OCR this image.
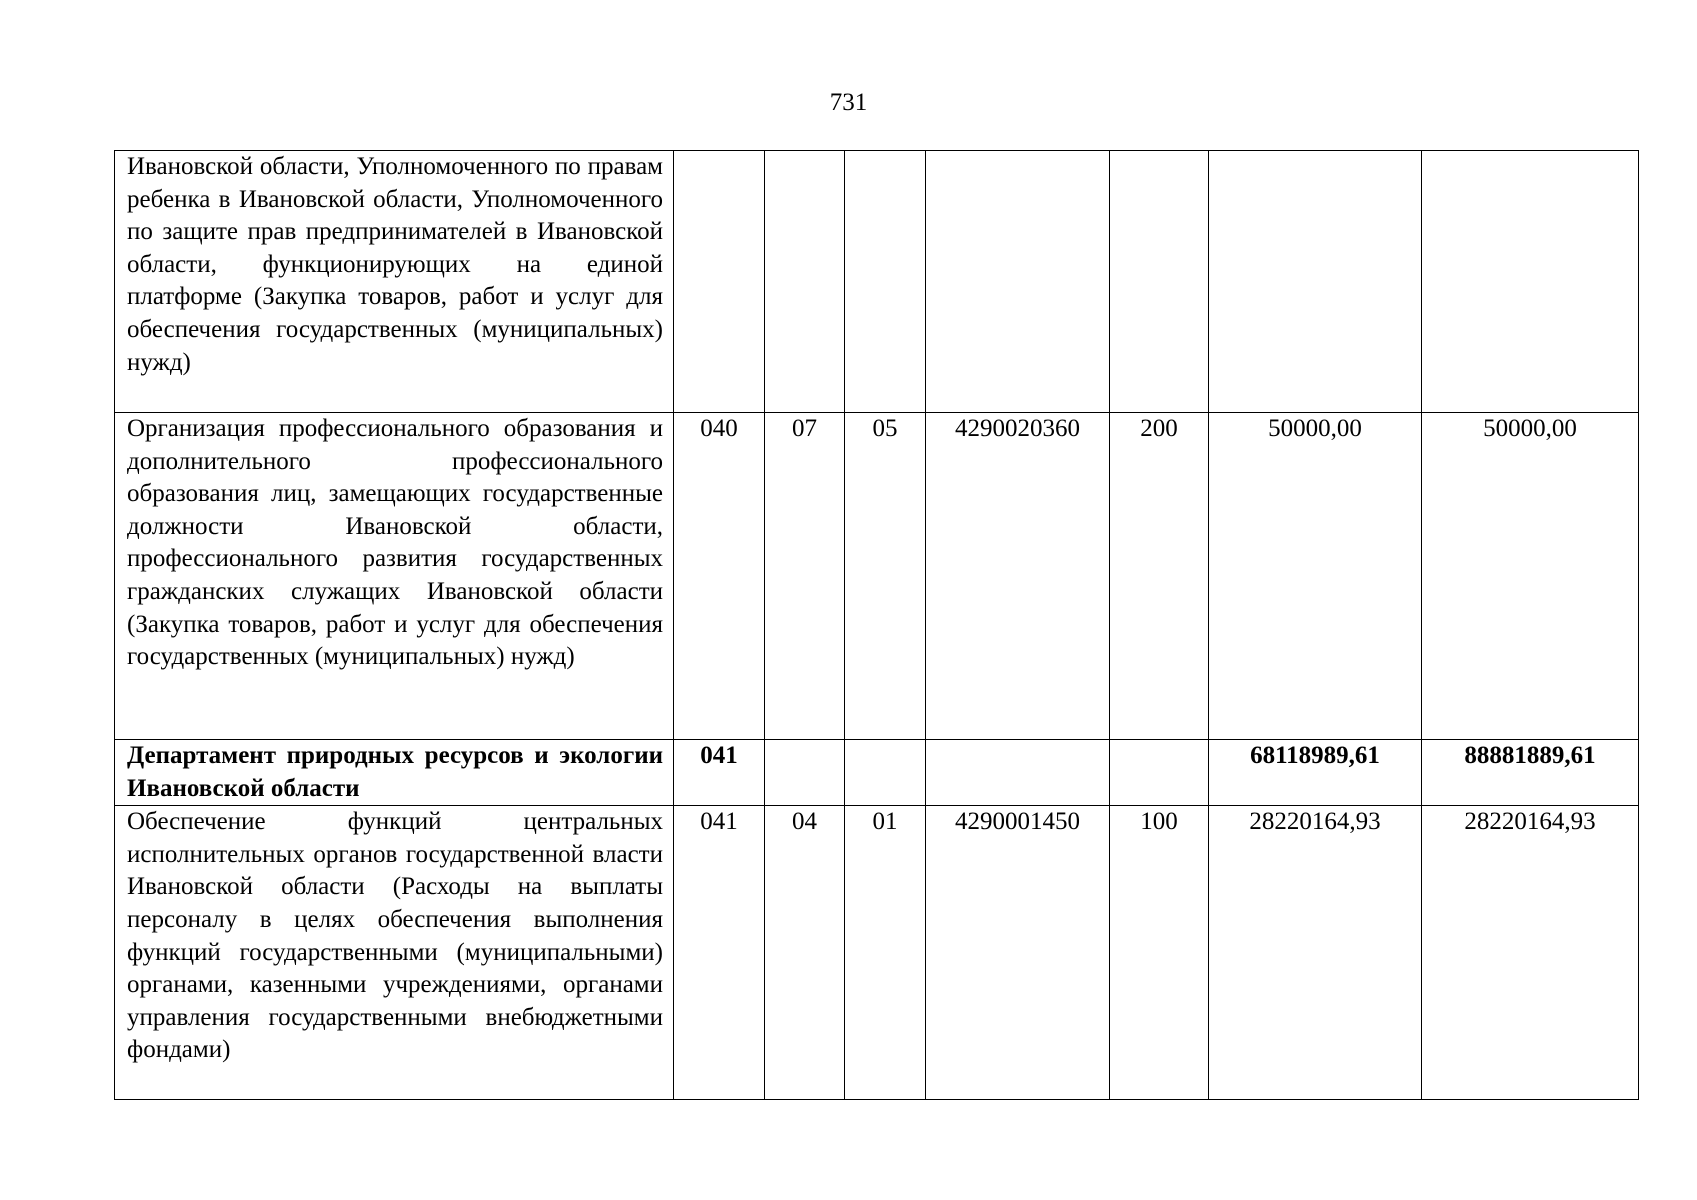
731
Ивановской области, Уполномоченного по правам ребенка в Ивановской области, Уполномоченного по защите прав предпринимателей в Ивановской области, функционирующих на единой платформе (Закупка товаров, работ и услуг для обеспечения государственных (муниципальных) нужд)							
Организация профессионального образования и дополнительного профессионального образования лиц, замещающих государственные должности Ивановской области, профессионального развития государственных гражданских служащих Ивановской области (Закупка товаров, работ и услуг для обеспечения государственных (муниципальных) нужд)	040	07	05	4290020360	200	50000,00	50000,00
Департамент природных ресурсов и экологии Ивановской области	041					68118989,61	88881889,61
Обеспечение функций центральных исполнительных органов государственной власти Ивановской области (Расходы на выплаты персоналу в целях обеспечения выполнения функций государственными (муниципальными) органами, казенными учреждениями, органами управления государственными внебюджетными фондами)	041	04	01	4290001450	100	28220164,93	28220164,93
